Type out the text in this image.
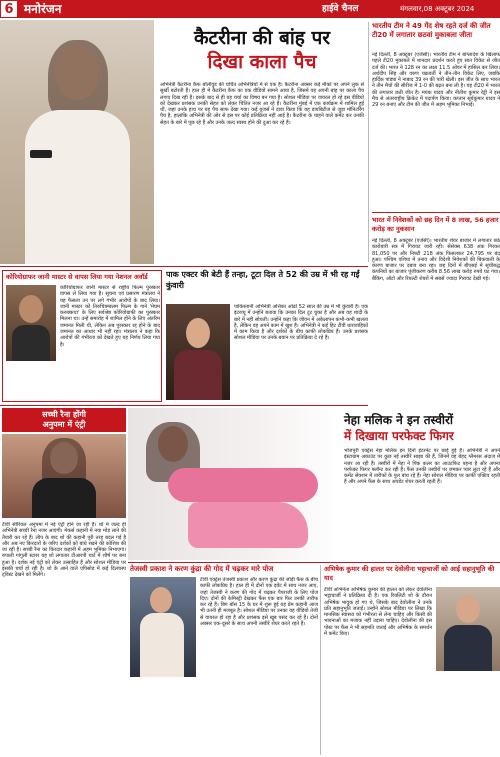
6 मनोरंजन	हाईवे चैनल	मंगलवार,08 अक्टूबर 2024
कैटरीना की बांह पर
दिखा काला पैच

अभिनेत्री कैटरीना कैफ बॉलीवुड की चर्चित अभिनेत्रियों में से एक हैं। कैटरीना अक्सर कई मौकों पर अपने लुक से सुर्खी बटोरती हैं। हाल ही में कैटरीना कैफ का एक वीडियो सामने आया है, जिसमें वह अपनी बांह पर काला पैच लगाए दिख रही हैं। इसके बाद से ही यह चर्चा का विषय बन गया है। सोशल मीडिया पर वायरल हो रहे इस वीडियो को देखकर प्रशंसक उनकी सेहत को लेकर चिंतित नजर आ रहे हैं। कैटरीना मुंबई में एक कार्यक्रम में शामिल हुई थीं, जहां उनके हाथ पर यह पैच साफ देखा गया। कई यूजर्स ने दावा किया कि यह डायबिटीज से जुड़ा मॉनिटरिंग पैच है, हालांकि अभिनेत्री की ओर से इस पर कोई प्रतिक्रिया नहीं आई है। कैटरीना के चाहने वाले कमेंट कर उनकी सेहत के बारे में पूछ रहे हैं और उनके जल्द स्वस्थ होने की दुआ कर रहे हैं।

भारतीय टीम ने 49 गेंद शेष रहते दर्ज की जीत टी20 में लगातार छठवां मुकाबला जीता

नई दिल्ली, 8 अक्टूबर (एजेंसी)। भारतीय टीम ने बांग्लादेश के खिलाफ पहले टी20 मुकाबले में शानदार प्रदर्शन करते हुए सात विकेट से जीत दर्ज की। भारत ने 128 रन का लक्ष्य 11.5 ओवर में हासिल कर लिया। अर्शदीप सिंह और वरुण चक्रवर्ती ने तीन-तीन विकेट लिए, जबकि हार्दिक पांड्या ने नाबाद 39 रन की पारी खेली। इस जीत के साथ भारत ने तीन मैचों की सीरीज में 1-0 की बढ़त बना ली है। यह टी20 में भारत की लगातार छठी जीत है। मयंक यादव और नीतीश कुमार रेड्डी ने इस मैच से अंतरराष्ट्रीय क्रिकेट में पदार्पण किया। कप्तान सूर्यकुमार यादव ने 29 रन बनाए और टीम की जीत में अहम भूमिका निभाई।

भारत में निवेशकों को छह दिन में 8 लाख, 56 हजार करोड़ का नुकसान

नई दिल्ली, 8 अक्टूबर (एजेंसी)। भारतीय शेयर बाजार में लगातार छठे कारोबारी सत्र में गिरावट जारी रही। सेंसेक्स 638 अंक गिरकर 81,050 पर और निफ्टी 218 अंक फिसलकर 24,795 पर बंद हुआ। पश्चिम एशिया में तनाव और विदेशी निवेशकों की बिकवाली के कारण बाजार पर दबाव बना रहा। छह दिनों में बीएसई में सूचीबद्ध कंपनियों का बाजार पूंजीकरण करीब 8.56 लाख करोड़ रुपये घट गया। बैंकिंग, ऑटो और रियल्टी शेयरों में सबसे ज्यादा गिरावट देखी गई।

कोरियोग्राफर जानी मास्टर से वापस लिया गया नेशनल अवॉर्ड

कोरियोग्राफर जानी मास्टर से राष्ट्रीय फिल्म पुरस्कार वापस ले लिया गया है। सूचना एवं प्रसारण मंत्रालय ने यह फैसला उन पर लगे गंभीर आरोपों के बाद लिया। जानी मास्टर को तिरुचित्रम्बलम फिल्म के गाने 'मेघम करुक्कथा' के लिए सर्वश्रेष्ठ कोरियोग्राफी का पुरस्कार मिलना था। उन्हें समारोह में शामिल होने के लिए अंतरिम जमानत मिली थी, लेकिन अब पुरस्कार रद्द होने के बाद जमानत का आधार भी नहीं रहा। मंत्रालय ने कहा कि आरोपों की गंभीरता को देखते हुए यह निर्णय लिया गया है।

पाक एक्टर की बेटी हैं तन्हा, टूटा दिल ते 52 की उम्र में भी रह गईं कुंवारी

पाकिस्तानी अभिनेत्री अत्तिका ओढो 52 साल की उम्र में भी कुंवारी हैं। एक इंटरव्यू में उन्होंने बताया कि उनका दिल टूट चुका है और अब वह शादी के बारे में नहीं सोचतीं। उन्होंने कहा कि जीवन में अकेलापन कभी-कभी खलता है, लेकिन वह अपने काम में खुश हैं। अभिनेत्री ने कई हिट टीवी धारावाहिकों में काम किया है और दर्शकों के बीच काफी लोकप्रिय हैं। उनके प्रशंसक सोशल मीडिया पर उनके बयान पर प्रतिक्रिया दे रहे हैं।

सच्ची रैना होंगी
अनुपमा में एंट्री

टीवी सीरियल अनुपमा में नई एंट्री होने जा रही है। शो में जल्द ही अभिनेत्री सच्ची रैना नजर आएंगी। मेकर्स कहानी में नया मोड़ लाने की तैयारी कर रहे हैं। लीप के बाद शो की कहानी पूरी तरह बदल गई है और अब नए किरदारों के जरिए दर्शकों को बांधे रखने की कोशिश की जा रही है। सच्ची रैना का किरदार कहानी में अहम भूमिका निभाएगा। रुपाली गांगुली स्टारर यह शो लगातार टीआरपी चार्ट में शीर्ष पर बना हुआ है। दर्शक नई एंट्री को लेकर उत्साहित हैं और सोशल मीडिया पर इसकी चर्चा हो रही है। शो के आने वाले एपिसोड में कई दिलचस्प ट्विस्ट देखने को मिलेंगे।

नेहा मलिक ने इन तस्वीरों
में दिखाया परफेक्ट फिगर

भोजपुरी एक्ट्रेस नेहा मलिक इन दिनों इंटरनेट पर छाई हुई हैं। अभिनेत्री ने अपने इंस्टाग्राम अकाउंट पर कुछ नई तस्वीरें साझा की हैं, जिनमें वह बेहद ग्लैमरस अंदाज में नजर आ रही हैं। तस्वीरों में नेहा ने पिंक कलर का आउटफिट पहना है और अपना परफेक्ट फिगर फ्लॉन्ट कर रही हैं। फैंस उनकी तस्वीरों पर जमकर प्यार लुटा रहे हैं और कमेंट सेक्शन में तारीफों के पुल बांध रहे हैं। नेहा सोशल मीडिया पर काफी एक्टिव रहती हैं और अपने फैंस के साथ अपडेट शेयर करती रहती हैं।

तेजस्वी प्रकाश ने करण कुंद्रा की गोद में चढ़कर मारे पोज

टीवी एक्ट्रेस तेजस्वी प्रकाश और करण कुंद्रा की जोड़ी फैंस के बीच काफी लोकप्रिय है। हाल ही में दोनों एक इवेंट में साथ नजर आए, जहां तेजस्वी ने करण की गोद में चढ़कर पैपराजी के लिए पोज दिए। दोनों की केमिस्ट्री देखकर फैंस एक बार फिर उनकी तारीफ कर रहे हैं। बिग बॉस 15 के घर में शुरू हुई यह प्रेम कहानी आज भी उतनी ही मजबूत है। सोशल मीडिया पर उनका यह वीडियो तेजी से वायरल हो रहा है और प्रशंसक इसे खूब पसंद कर रहे हैं। दोनों अक्सर एक-दूसरे के साथ अपनी तस्वीरें शेयर करते रहते हैं।

अभिषेक कुमार की हालत पर देवोलीना भट्टाचार्जी को आई सहानुभूति की याद

टीवी अभिनेता अभिषेक कुमार की हालत को लेकर देवोलीना भट्टाचार्जी ने प्रतिक्रिया दी है। एक रियलिटी शो के दौरान अभिषेक भावुक हो गए थे, जिसके बाद देवोलीना ने उनके प्रति सहानुभूति जताई। उन्होंने सोशल मीडिया पर लिखा कि मानसिक स्वास्थ्य को गंभीरता से लेना चाहिए और किसी की भावनाओं का मजाक नहीं उड़ाना चाहिए। देवोलीना की इस पोस्ट पर फैंस ने भी सहमति जताई और अभिषेक के समर्थन में कमेंट किए।
